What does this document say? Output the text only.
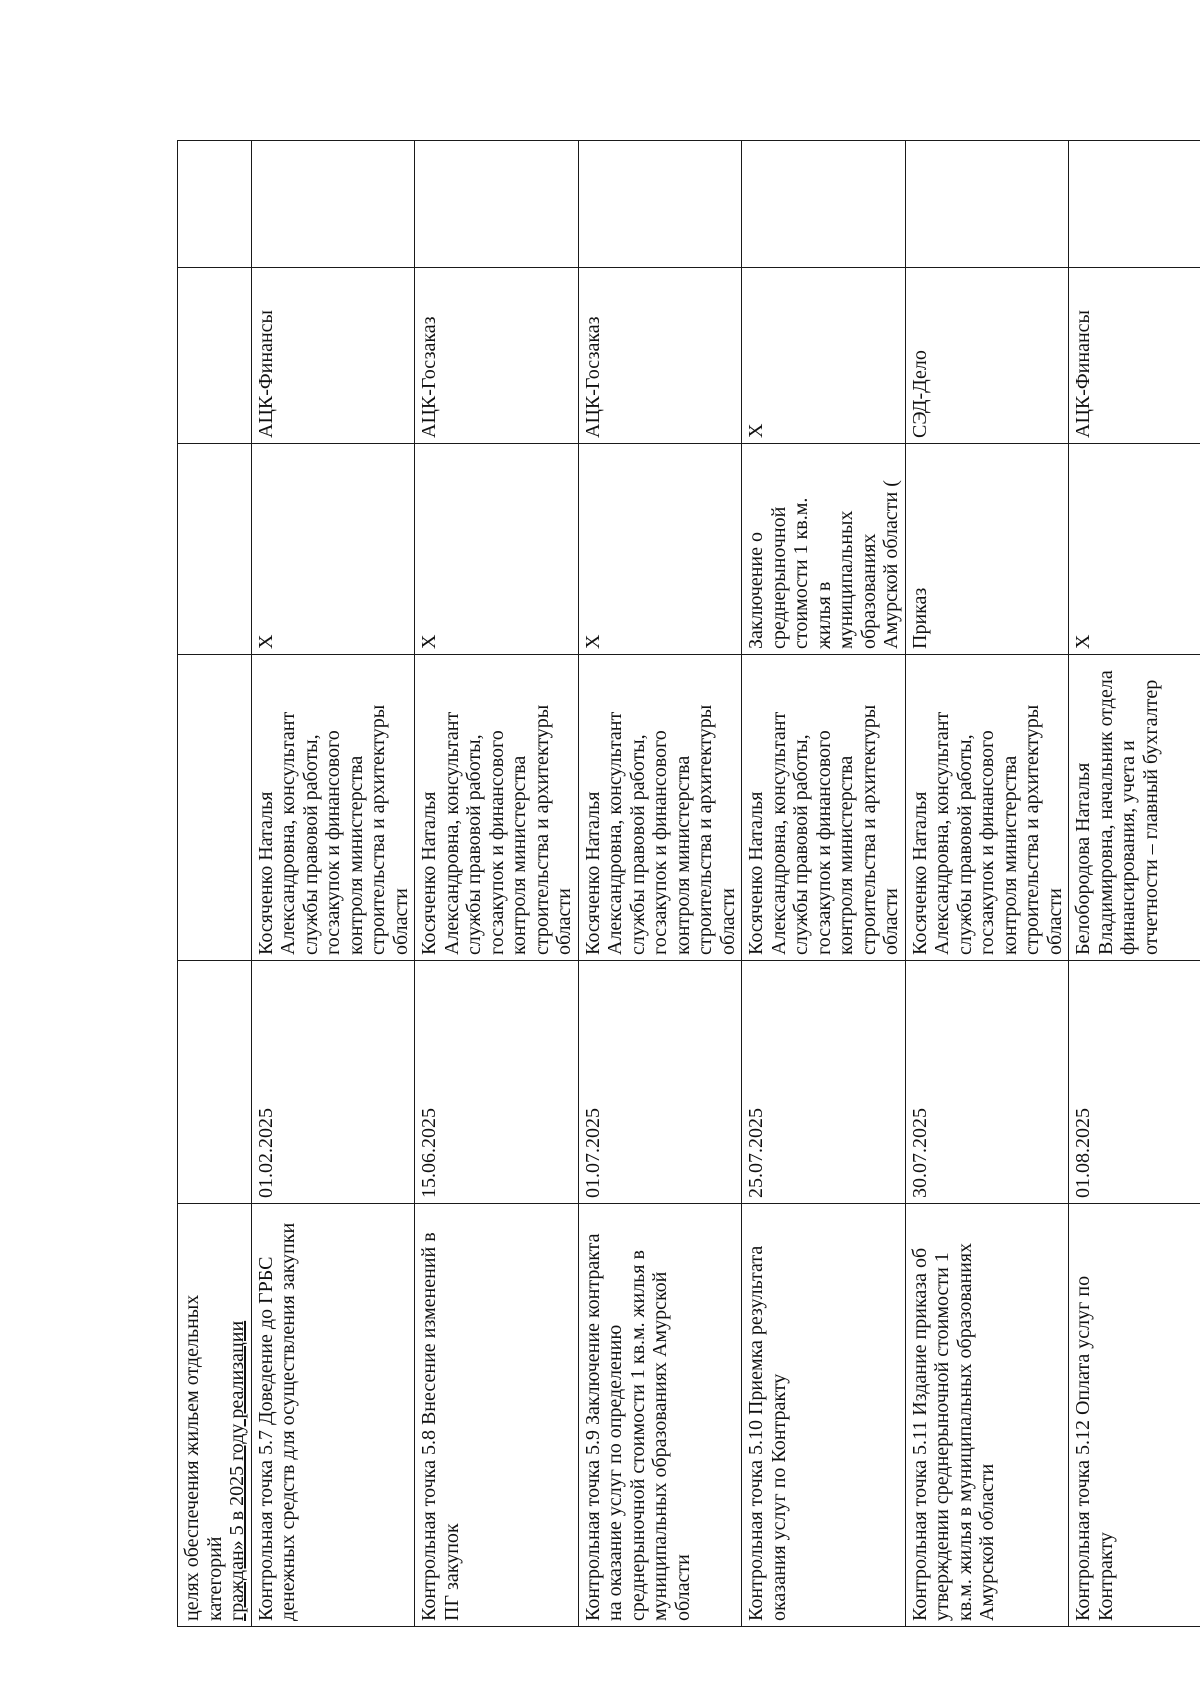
целях обеспечения жильем отдельных категорий граждан» 5 в 2025 году реализации					

Контрольная точка 5.7 Доведение до ГРБС денежных средств для осуществления закупки	01.02.2025	Косяченко Наталья Александровна, консультант службы правовой работы, госзакупок и финансового контроля министерства строительства и архитектуры области	Х	АЦК-Финансы	
Контрольная точка 5.8 Внесение изменений в ПГ закупок	15.06.2025	Косяченко Наталья Александровна, консультант службы правовой работы, госзакупок и финансового контроля министерства строительства и архитектуры области	Х	АЦК-Госзаказ	
Контрольная точка 5.9 Заключение контракта на оказание услуг по определению среднерыночной стоимости 1 кв.м. жилья в муниципальных образованиях Амурской области	01.07.2025	Косяченко Наталья Александровна, консультант службы правовой работы, госзакупок и финансового контроля министерства строительства и архитектуры области	Х	АЦК-Госзаказ	
Контрольная точка 5.10 Приемка результата оказания услуг по Контракту	25.07.2025	Косяченко Наталья Александровна, консультант службы правовой работы, госзакупок и финансового контроля министерства строительства и архитектуры области	Заключение о среднерыночной стоимости 1 кв.м. жилья в муниципальных образованиях Амурской области (	Х	
Контрольная точка 5.11 Издание приказа об утверждении среднерыночной стоимости 1 кв.м. жилья в муниципальных образованиях Амурской области	30.07.2025	Косяченко Наталья Александровна, консультант службы правовой работы, госзакупок и финансового контроля министерства строительства и архитектуры области	Приказ	СЭД-Дело	
Контрольная точка 5.12 Оплата услуг по Контракту	01.08.2025	Белобородова Наталья Владимировна, начальник отдела финансирования, учета и отчетности – главный бухгалтер	Х	АЦК-Финансы	
